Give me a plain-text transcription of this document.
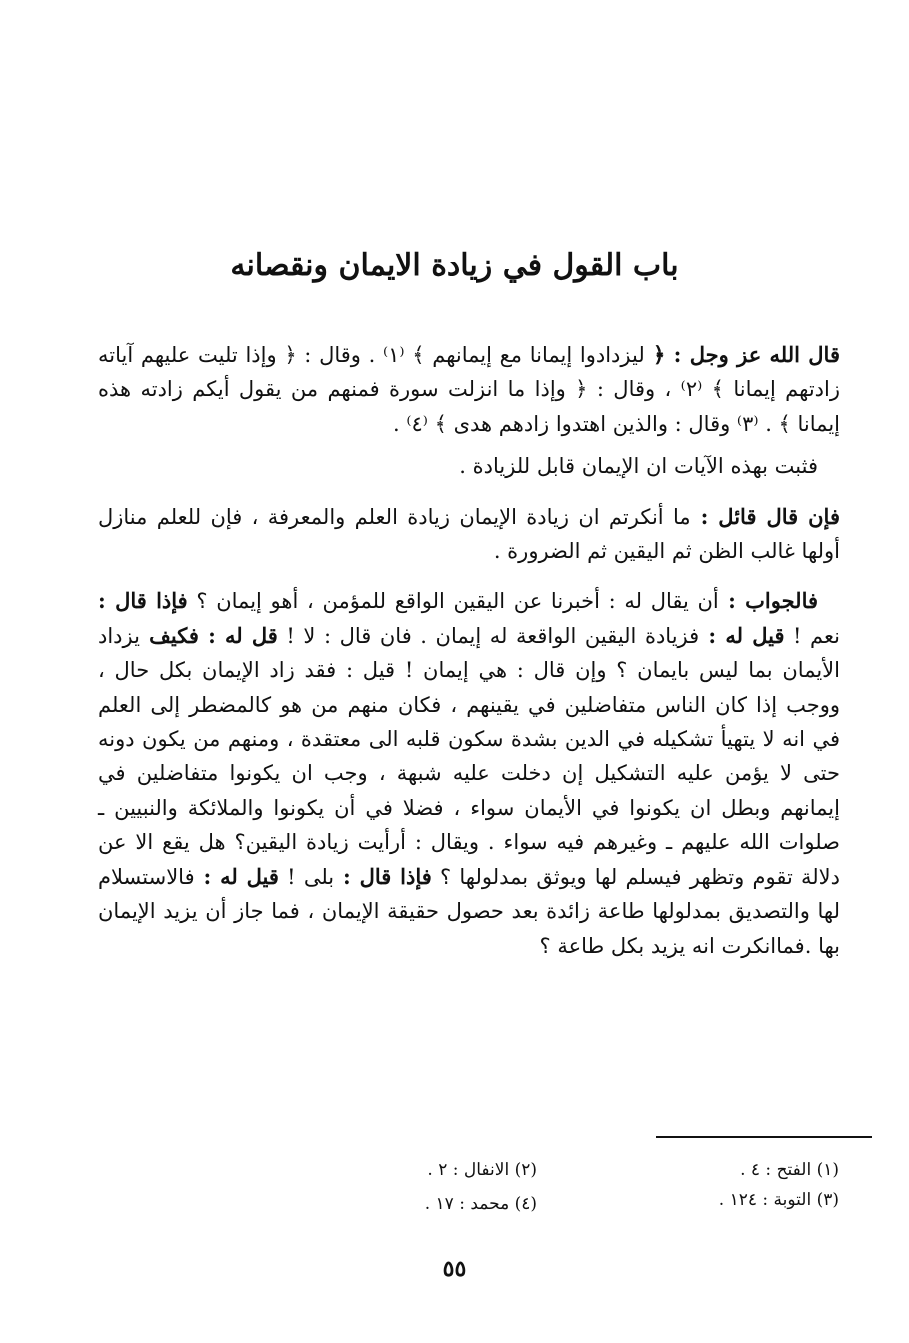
باب القول في زيادة الايمان ونقصانه

قال الله عز وجل : ﴿ ليزدادوا إيمانا مع إيمانهم ﴾ ⁽١⁾ . وقال : ﴿ وإذا تليت عليهم آياته زادتهم إيمانا ﴾ ⁽٢⁾ ، وقال : ﴿ وإذا ما انزلت سورة فمنهم من يقول أيكم زادته هذه إيمانا ﴾ . ⁽٣⁾ وقال : والذين اهتدوا زادهم هدى ﴾ ⁽٤⁾ .

فثبت بهذه الآيات ان الإيمان قابل للزيادة .

فإن قال قائل : ما أنكرتم ان زيادة الإيمان زيادة العلم والمعرفة ، فإن للعلم منازل أولها غالب الظن ثم اليقين ثم الضرورة .

فالجواب : أن يقال له : أخبرنا عن اليقين الواقع للمؤمن ، أهو إيمان ؟ فإذا قال : نعم ! قيل له : فزيادة اليقين الواقعة له إيمان . فان قال : لا ! قل له : فكيف يزداد الأيمان بما ليس بايمان ؟ وإن قال : هي إيمان ! قيل : فقد زاد الإيمان بكل حال ، ووجب إذا كان الناس متفاضلين في يقينهم ، فكان منهم من هو كالمضطر إلى العلم في انه لا يتهيأ تشكيله في الدين بشدة سكون قلبه الى معتقدة ، ومنهم من يكون دونه حتى لا يؤمن عليه التشكيل إن دخلت عليه شبهة ، وجب ان يكونوا متفاضلين في إيمانهم وبطل ان يكونوا في الأيمان سواء ، فضلا في أن يكونوا والملائكة والنبيين ـ صلوات الله عليهم ـ وغيرهم فيه سواء . ويقال : أرأيت زيادة اليقين؟ هل يقع الا عن دلالة تقوم وتظهر فيسلم لها ويوثق بمدلولها ؟ فإذا قال : بلى ! قيل له : فالاستسلام لها والتصديق بمدلولها طاعة زائدة بعد حصول حقيقة الإيمان ، فما جاز أن يزيد الإيمان بها .فماانكرت انه يزيد بكل طاعة ؟

(١) الفتح : ٤ .
(٢) الانفال : ٢ .
(٣) التوبة : ١٢٤ .
(٤) محمد : ١٧ .
٥٥
